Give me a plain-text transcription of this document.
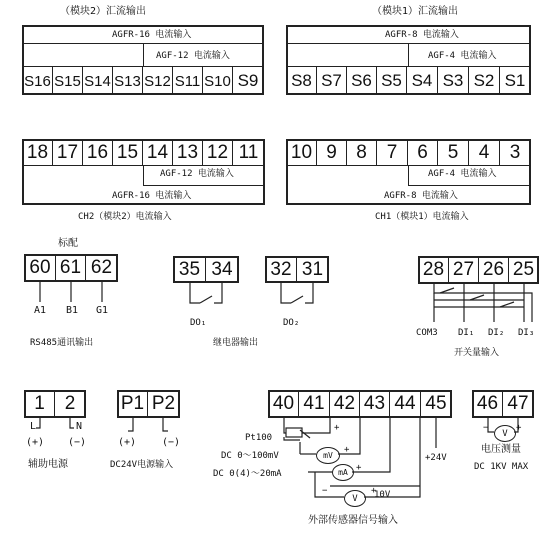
（模块2）汇流输出
AGFR-16 电流输入
AGF-12 电流输入
S16 S15 S14 S13 S12 S11 S10 S9
（模块1）汇流输出
AGFR-8 电流输入
AGF-4 电流输入
S8 S7 S6 S5 S4 S3 S2 S1
18 17 16 15 14 13 12 11
AGF-12 电流输入
AGFR-16 电流输入
CH2（模块2）电流输入
10 9	8	7	6	5	4	3
AGF-4 电流输入
AGFR-8 电流输入
CH1（模块1）电流输入
标配
60 61 62
A1 B1 G1
RS485通讯输出
35 34 32 31
DO₁	DO₂
继电器输出
28 27 26 25
COM3 DI₁ DI₂ DI₃
开关量输入
1	2
L	N
(+) (−)
辅助电源
P1 P2
(+)	(−)
DC24V电源输入
40 41 42 43 44 45
Pt100
DC 0～100mV
DC 0(4)～20mA
10V
+24V
外部传感器信号输入
mV
mA
V
46 47
V
电压测量
DC 1KV MAX
+
+
+
−	+
−	+
